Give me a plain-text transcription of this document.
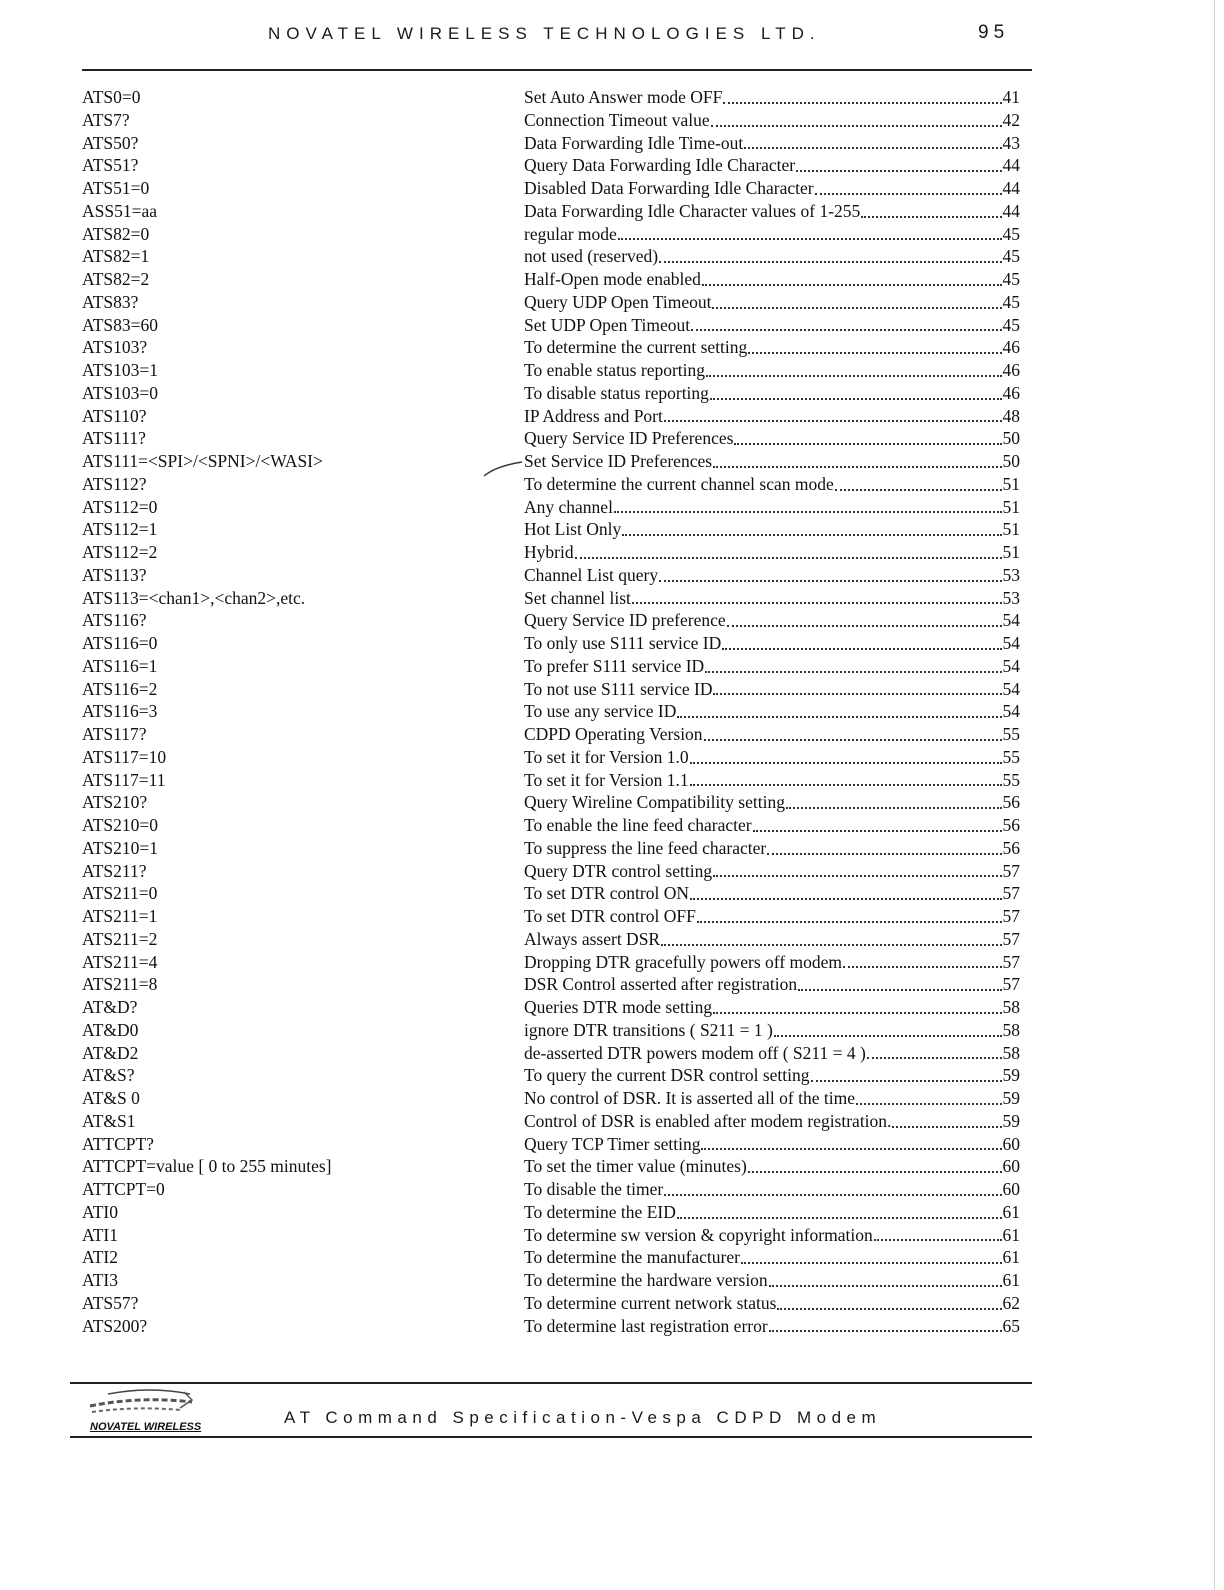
NOVATEL WIRELESS TECHNOLOGIES LTD.	95
ATS0=0	Set Auto Answer mode OFF	41
ATS7?	Connection Timeout value	42
ATS50?	Data Forwarding Idle Time-out	43
ATS51?	Query Data Forwarding Idle Character	44
ATS51=0	Disabled Data Forwarding Idle Character	44
ASS51=aa	Data Forwarding Idle Character values of 1-255	44
ATS82=0	regular mode	45
ATS82=1	not used (reserved)	45
ATS82=2	Half-Open mode enabled	45
ATS83?	Query UDP Open Timeout	45
ATS83=60	Set UDP Open Timeout	45
ATS103?	To determine the current setting	46
ATS103=1	To enable status reporting	46
ATS103=0	To disable status reporting	46
ATS110?	IP Address and Port	48
ATS111?	Query Service ID Preferences	50
ATS111=<SPI>/<SPNI>/<WASI>	Set Service ID Preferences	50
ATS112?	To determine the current channel scan mode	51
ATS112=0	Any channel	51
ATS112=1	Hot List Only	51
ATS112=2	Hybrid	51
ATS113?	Channel List query	53
ATS113=<chan1>,<chan2>,etc.	Set channel list	53
ATS116?	Query Service ID preference	54
ATS116=0	To only use S111 service ID	54
ATS116=1	To prefer S111 service ID	54
ATS116=2	To not use S111 service ID	54
ATS116=3	To use any service ID	54
ATS117?	CDPD Operating Version	55
ATS117=10	To set it for Version 1.0	55
ATS117=11	To set it for Version 1.1	55
ATS210?	Query Wireline Compatibility setting	56
ATS210=0	To enable the line feed character	56
ATS210=1	To suppress the line feed character	56
ATS211?	Query DTR control setting	57
ATS211=0	To set DTR control ON	57
ATS211=1	To set DTR control OFF	57
ATS211=2	Always assert DSR	57
ATS211=4	Dropping DTR gracefully powers off modem	57
ATS211=8	DSR Control asserted after registration	57
AT&D?	Queries DTR mode setting	58
AT&D0	ignore DTR transitions ( S211 = 1 )	58
AT&D2	de-asserted DTR powers modem off ( S211 = 4 )	58
AT&S?	To query the current DSR control setting	59
AT&S 0	No control of DSR. It is asserted all of the time	59
AT&S1	Control of DSR is enabled after modem registration.	59
ATTCPT?	Query TCP Timer setting	60
ATTCPT=value [ 0 to 255 minutes]	To set the timer value (minutes)	60
ATTCPT=0	To disable the timer	60
ATI0	To determine the EID	61
ATI1	To determine sw version & copyright information	61
ATI2	To determine the manufacturer	61
ATI3	To determine the hardware version	61
ATS57?	To determine current network status	62
ATS200?	To determine last registration error	65
NOVATEL WIRELESS	AT Command Specification-Vespa CDPD Modem
